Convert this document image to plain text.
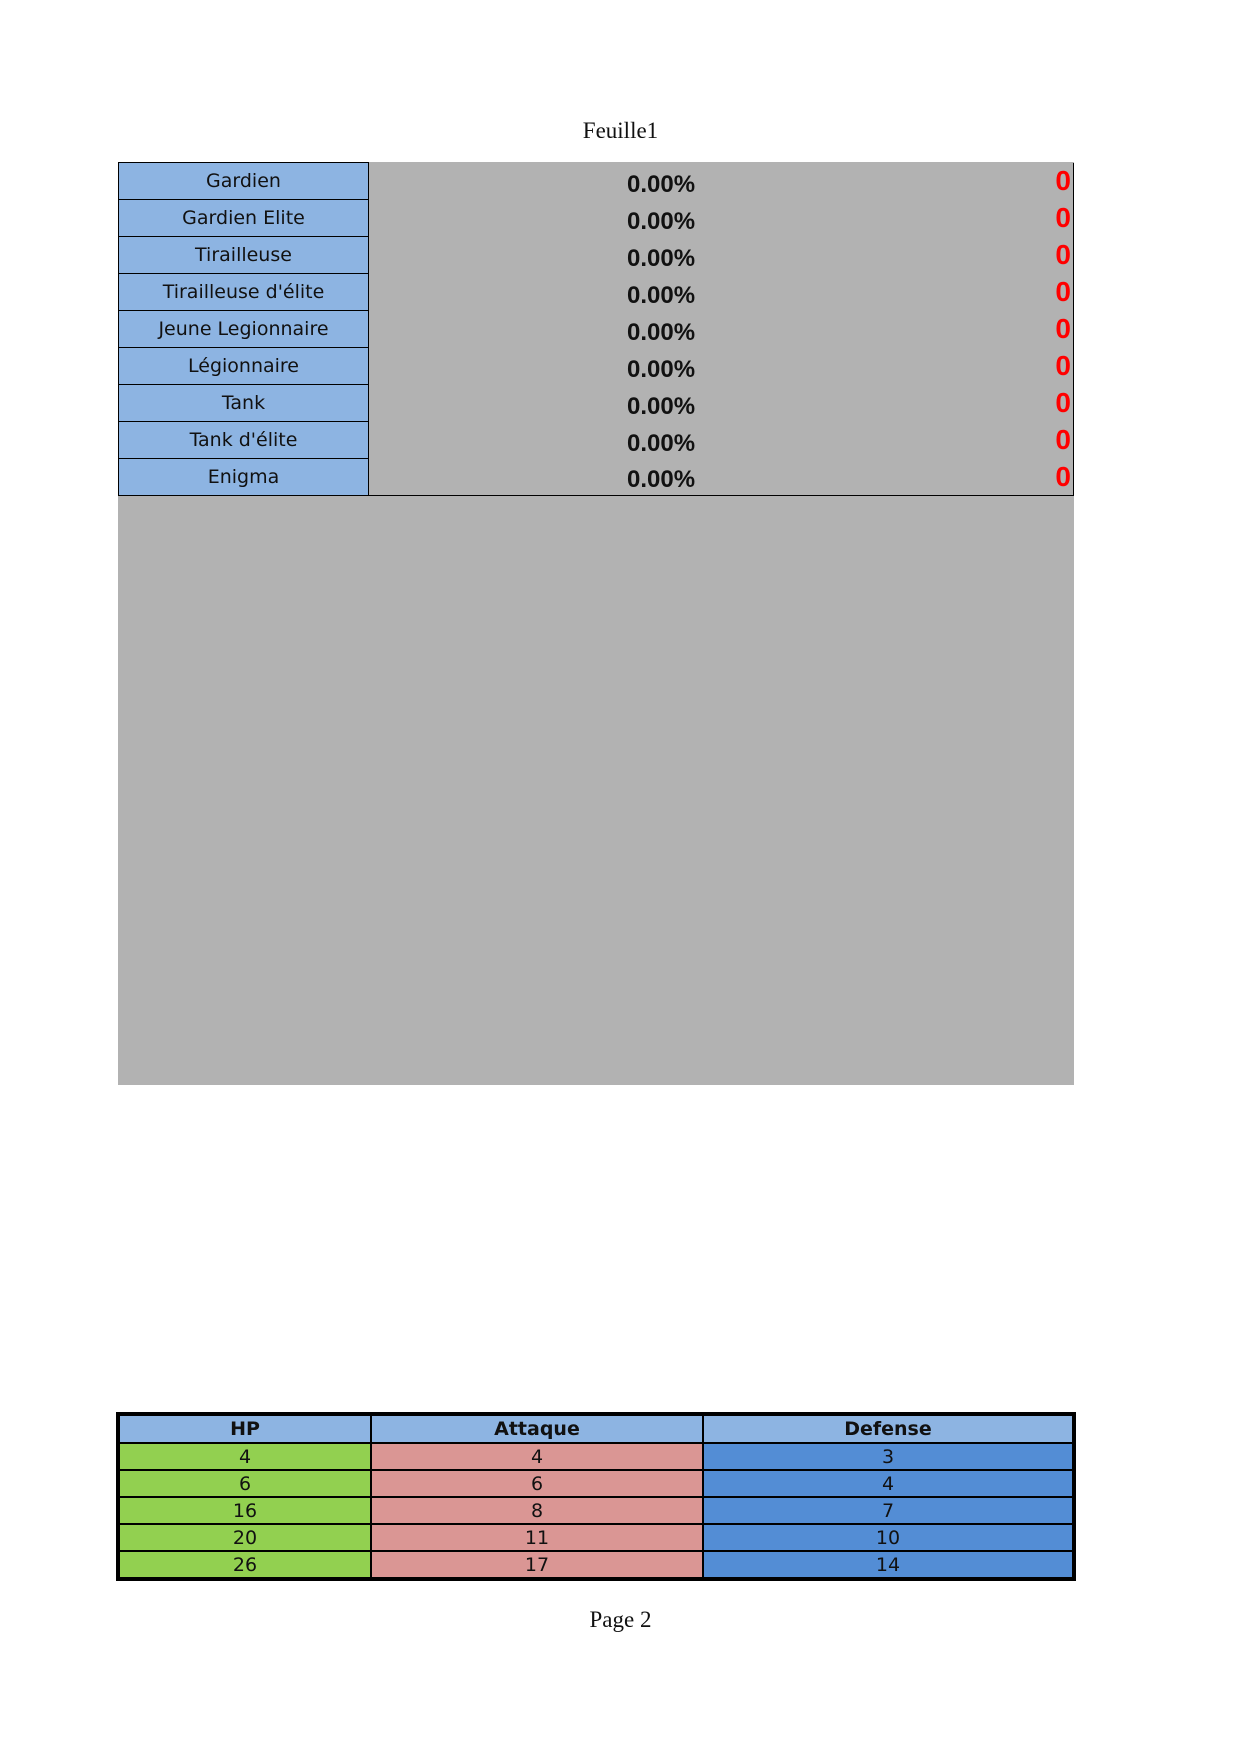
Feuille1
Gardien	0.00%	0
Gardien Elite	0.00%	0
Tirailleuse	0.00%	0
Tirailleuse d'élite	0.00%	0
Jeune Legionnaire	0.00%	0
Légionnaire	0.00%	0
Tank	0.00%	0
Tank d'élite	0.00%	0
Enigma	0.00%	0
HP	Attaque	Defense
4	4	3
6	6	4
16	8	7
20	11	10
26	17	14
Page 2
